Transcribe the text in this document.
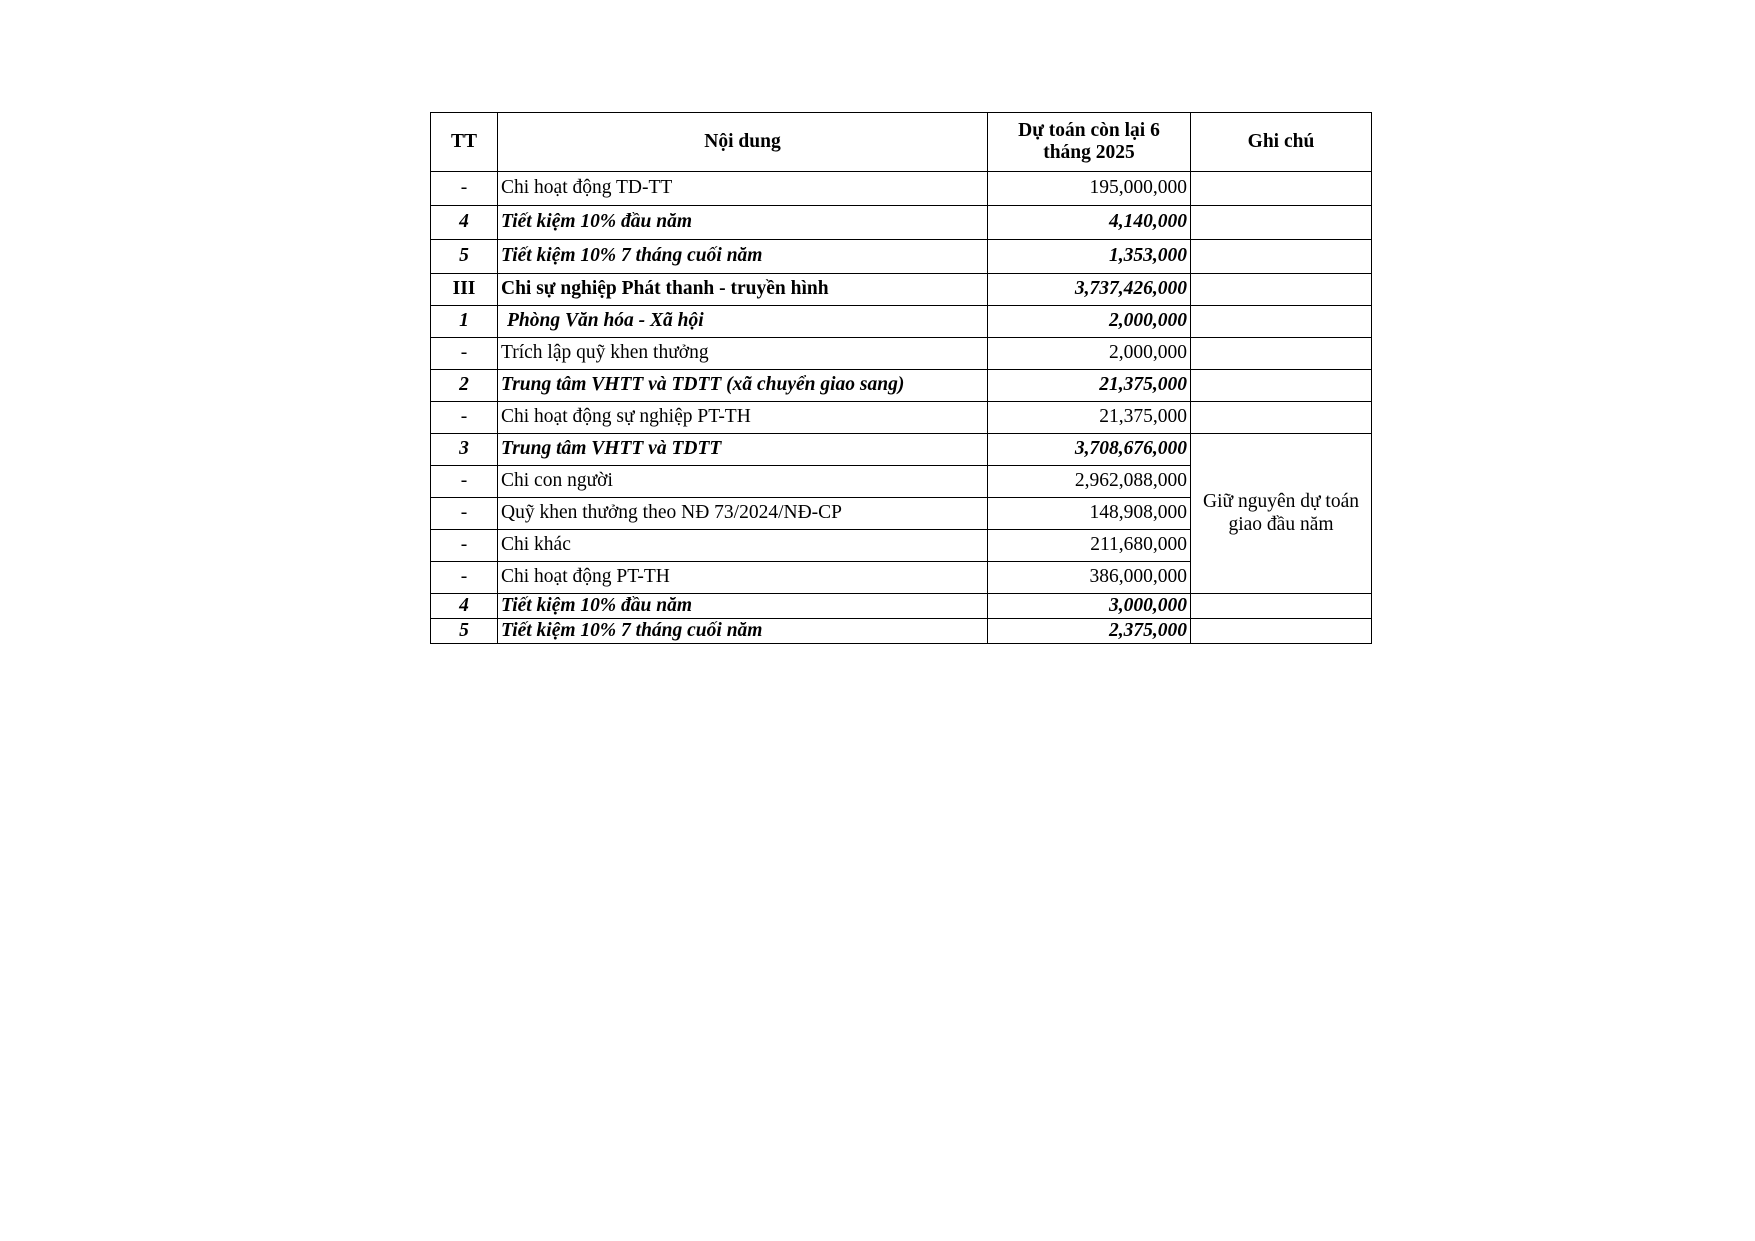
TT	Nội dung	Dự toán còn lại 6 tháng 2025	Ghi chú
-	Chi hoạt động TD-TT	195,000,000	
4	Tiết kiệm 10% đầu năm	4,140,000	
5	Tiết kiệm 10% 7 tháng cuối năm	1,353,000	
III	Chi sự nghiệp Phát thanh - truyền hình	3,737,426,000	
1	Phòng Văn hóa - Xã hội	2,000,000	
-	Trích lập quỹ khen thưởng	2,000,000	
2	Trung tâm VHTT và TDTT (xã chuyển giao sang)	21,375,000	
-	Chi hoạt động sự nghiệp PT-TH	21,375,000	
3	Trung tâm VHTT và TDTT	3,708,676,000	Giữ nguyên dự toán giao đầu năm
-	Chi con người	2,962,088,000	
-	Quỹ khen thưởng theo NĐ 73/2024/NĐ-CP	148,908,000	
-	Chi khác	211,680,000	
-	Chi hoạt động PT-TH	386,000,000	
4	Tiết kiệm 10% đầu năm	3,000,000	
5	Tiết kiệm 10% 7 tháng cuối năm	2,375,000	
